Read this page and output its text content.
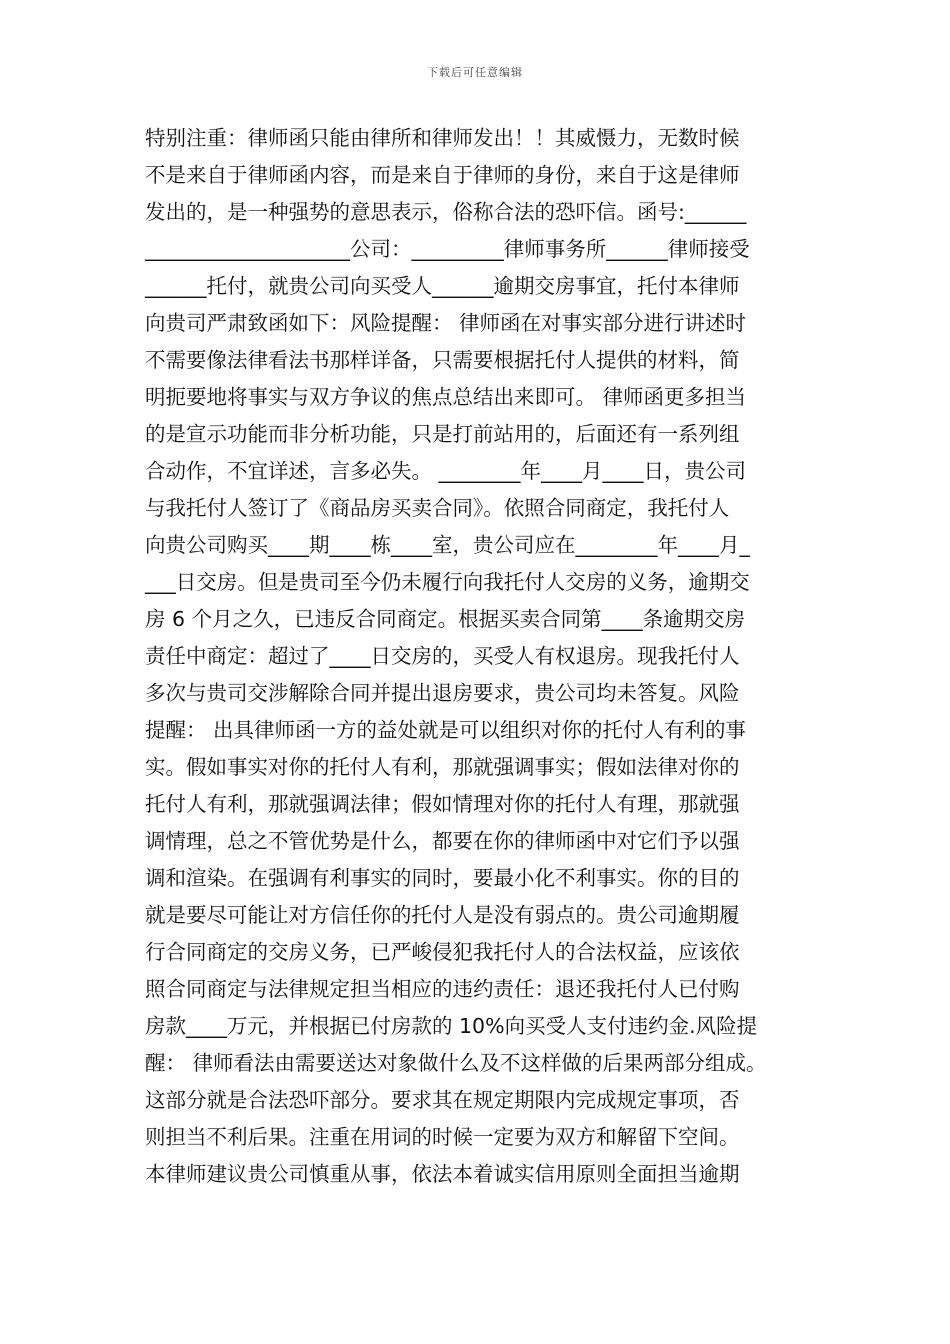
下载后可任意编辑
特别注重：律师函只能由律所和律师发出！！其威慑力，无数时候
不是来自于律师函内容，而是来自于律师的身份，来自于这是律师
发出的，是一种强势的意思表示，俗称合法的恐吓信。函号:______
____________________公司：_________律师事务所______律师接受
______托付，就贵公司向买受人______逾期交房事宜，托付本律师
向贵司严肃致函如下：风险提醒： 律师函在对事实部分进行讲述时
不需要像法律看法书那样详备，只需要根据托付人提供的材料，简
明扼要地将事实与双方争议的焦点总结出来即可。 律师函更多担当
的是宣示功能而非分析功能，只是打前站用的，后面还有一系列组
合动作，不宜详述，言多必失。 ________年____月____日，贵公司
与我托付人签订了《商品房买卖合同》。依照合同商定，我托付人
向贵公司购买____期____栋____室，贵公司应在________年____月_
___日交房。但是贵司至今仍未履行向我托付人交房的义务，逾期交
房 6 个月之久，已违反合同商定。根据买卖合同第____条逾期交房
责任中商定：超过了____日交房的，买受人有权退房。现我托付人
多次与贵司交涉解除合同并提出退房要求，贵公司均未答复。风险
提醒： 出具律师函一方的益处就是可以组织对你的托付人有利的事
实。假如事实对你的托付人有利，那就强调事实；假如法律对你的
托付人有利，那就强调法律；假如情理对你的托付人有理，那就强
调情理，总之不管优势是什么，都要在你的律师函中对它们予以强
调和渲染。在强调有利事实的同时，要最小化不利事实。你的目的
就是要尽可能让对方信任你的托付人是没有弱点的。贵公司逾期履
行合同商定的交房义务，已严峻侵犯我托付人的合法权益，应该依
照合同商定与法律规定担当相应的违约责任：退还我托付人已付购
房款____万元，并根据已付房款的 10%向买受人支付违约金.风险提
醒： 律师看法由需要送达对象做什么及不这样做的后果两部分组成。
这部分就是合法恐吓部分。要求其在规定期限内完成规定事项，否
则担当不利后果。注重在用词的时候一定要为双方和解留下空间。
本律师建议贵公司慎重从事，依法本着诚实信用原则全面担当逾期
